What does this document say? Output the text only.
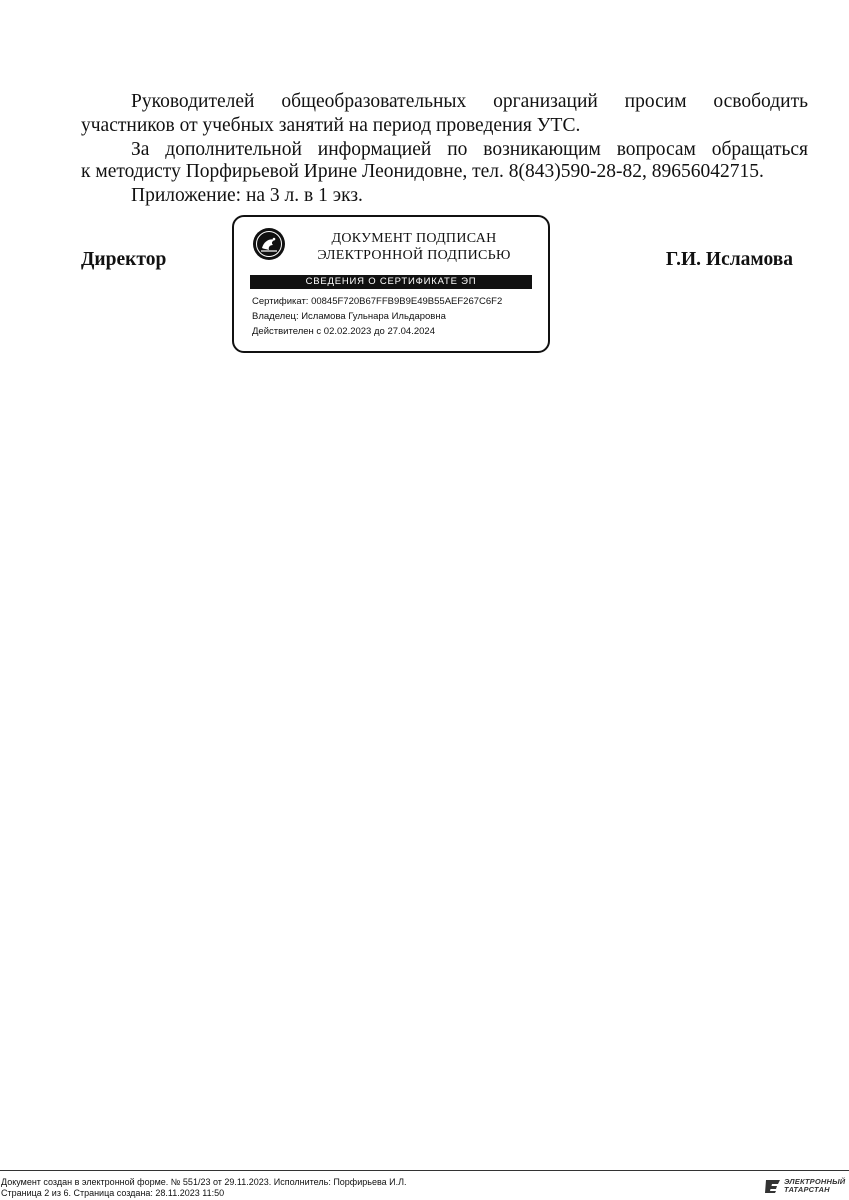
Руководителей общеобразовательных организаций просим освободить

участников от учебных занятий на период проведения УТС.

За дополнительной информацией по возникающим вопросам обращаться

к методисту Порфирьевой Ирине Леонидовне, тел. 8(843)590-28-82, 89656042715.

Приложение: на 3 л. в 1 экз.

Директор	Г.И. Исламова
ДОКУМЕНТ ПОДПИСАН
ЭЛЕКТРОННОЙ ПОДПИСЬЮ
СВЕДЕНИЯ О СЕРТИФИКАТЕ ЭП
Сертификат: 00845F720B67FFB9B9E49B55AEF267C6F2
Владелец: Исламова Гульнара Ильдаровна
Действителен с 02.02.2023 до 27.04.2024
Документ создан в электронной форме. № 551/23 от 29.11.2023. Исполнитель: Порфирьева И.Л.
Страница 2 из 6. Страница создана: 28.11.2023 11:50
ЭЛЕКТРОННЫЙ
ТАТАРСТАН
